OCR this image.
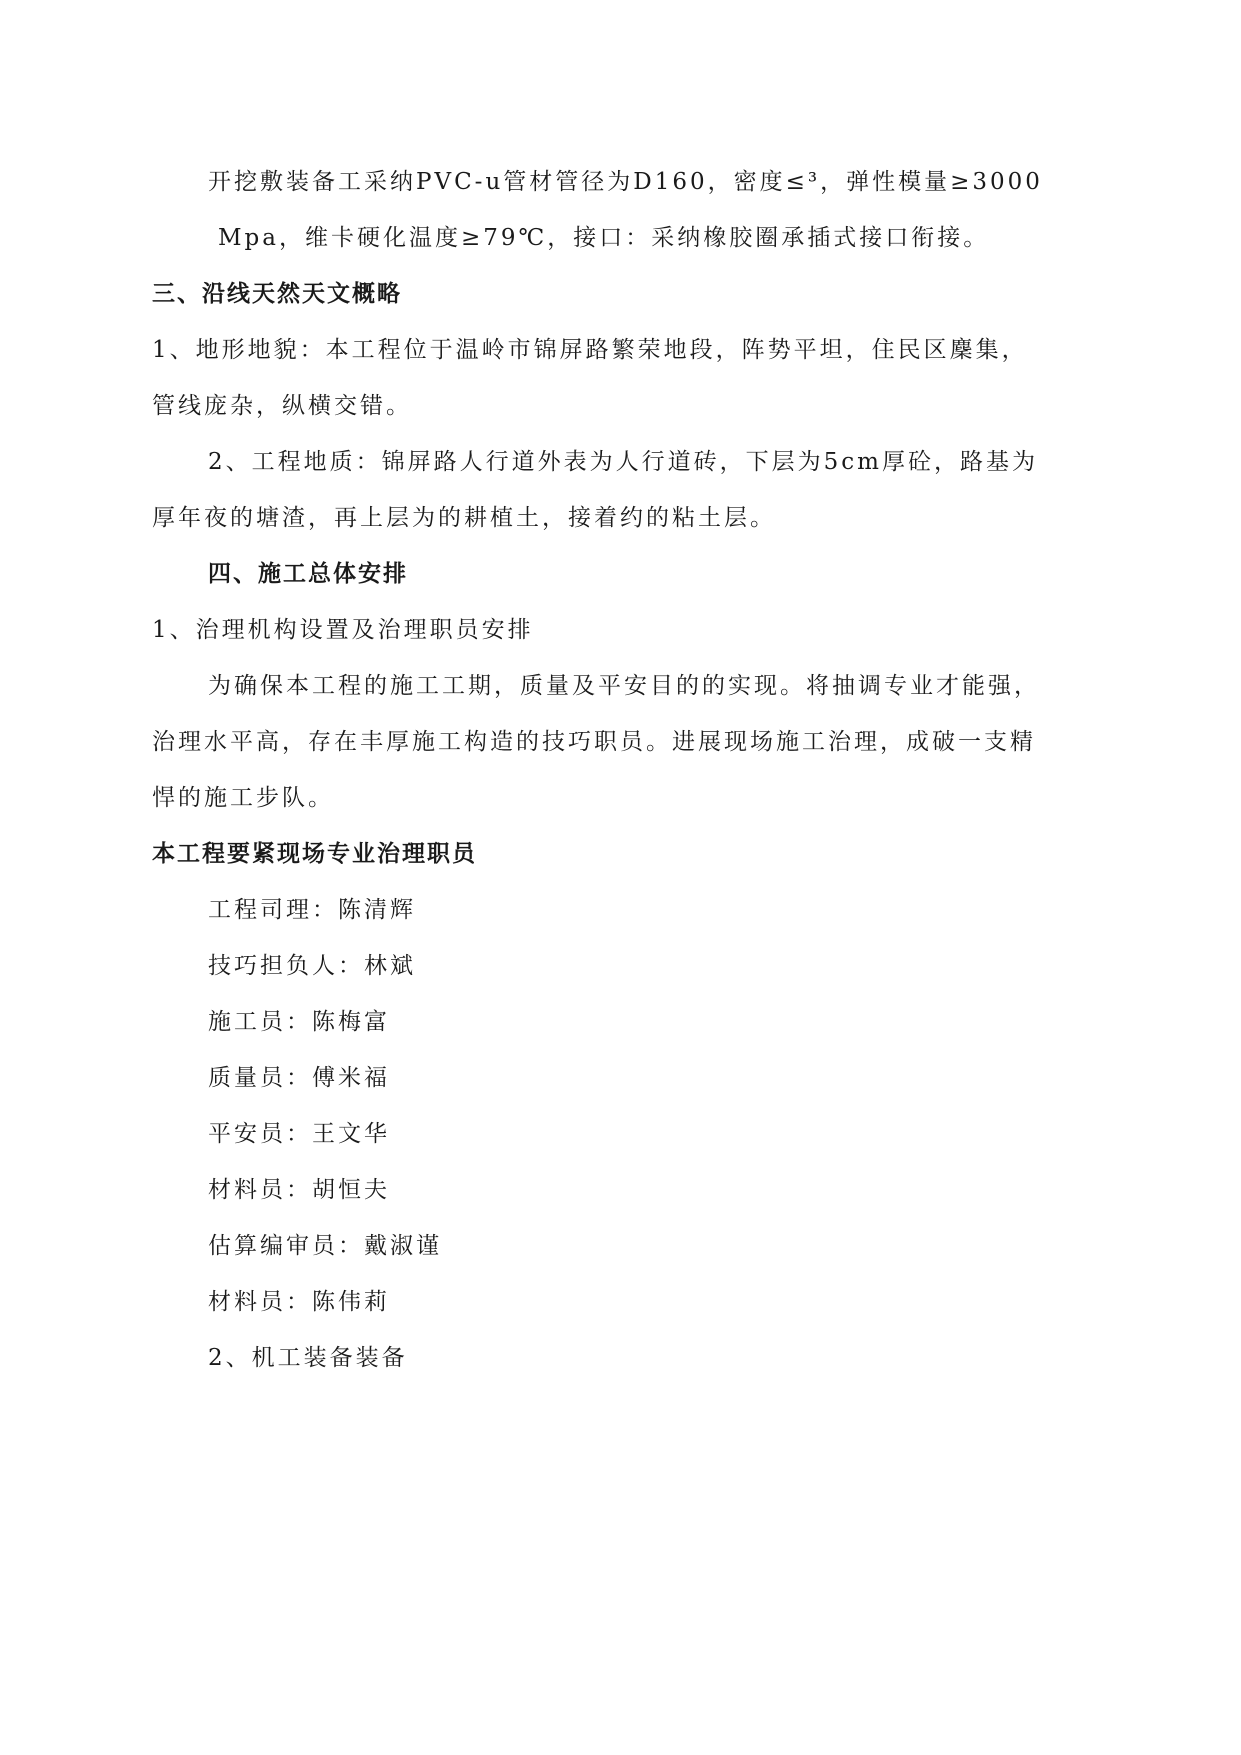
开挖敷装备工采纳PVC-u管材管径为D160，密度≤³，弹性模量≥3000
Mpa，维卡硬化温度≥79℃，接口：采纳橡胶圈承插式接口衔接。
三、沿线天然天文概略
1、地形地貌：本工程位于温岭市锦屏路繁荣地段，阵势平坦，住民区麇集，
管线庞杂，纵横交错。
2、工程地质：锦屏路人行道外表为人行道砖，下层为5cm厚砼，路基为
厚年夜的塘渣，再上层为的耕植土，接着约的粘土层。
四、施工总体安排
1、治理机构设置及治理职员安排
为确保本工程的施工工期，质量及平安目的的实现。将抽调专业才能强，
治理水平高，存在丰厚施工构造的技巧职员。进展现场施工治理，成破一支精
悍的施工步队。
本工程要紧现场专业治理职员
工程司理：陈清辉
技巧担负人：林斌
施工员：陈梅富
质量员：傅米福
平安员：王文华
材料员：胡恒夫
估算编审员：戴淑谨
材料员：陈伟莉
2、机工装备装备
